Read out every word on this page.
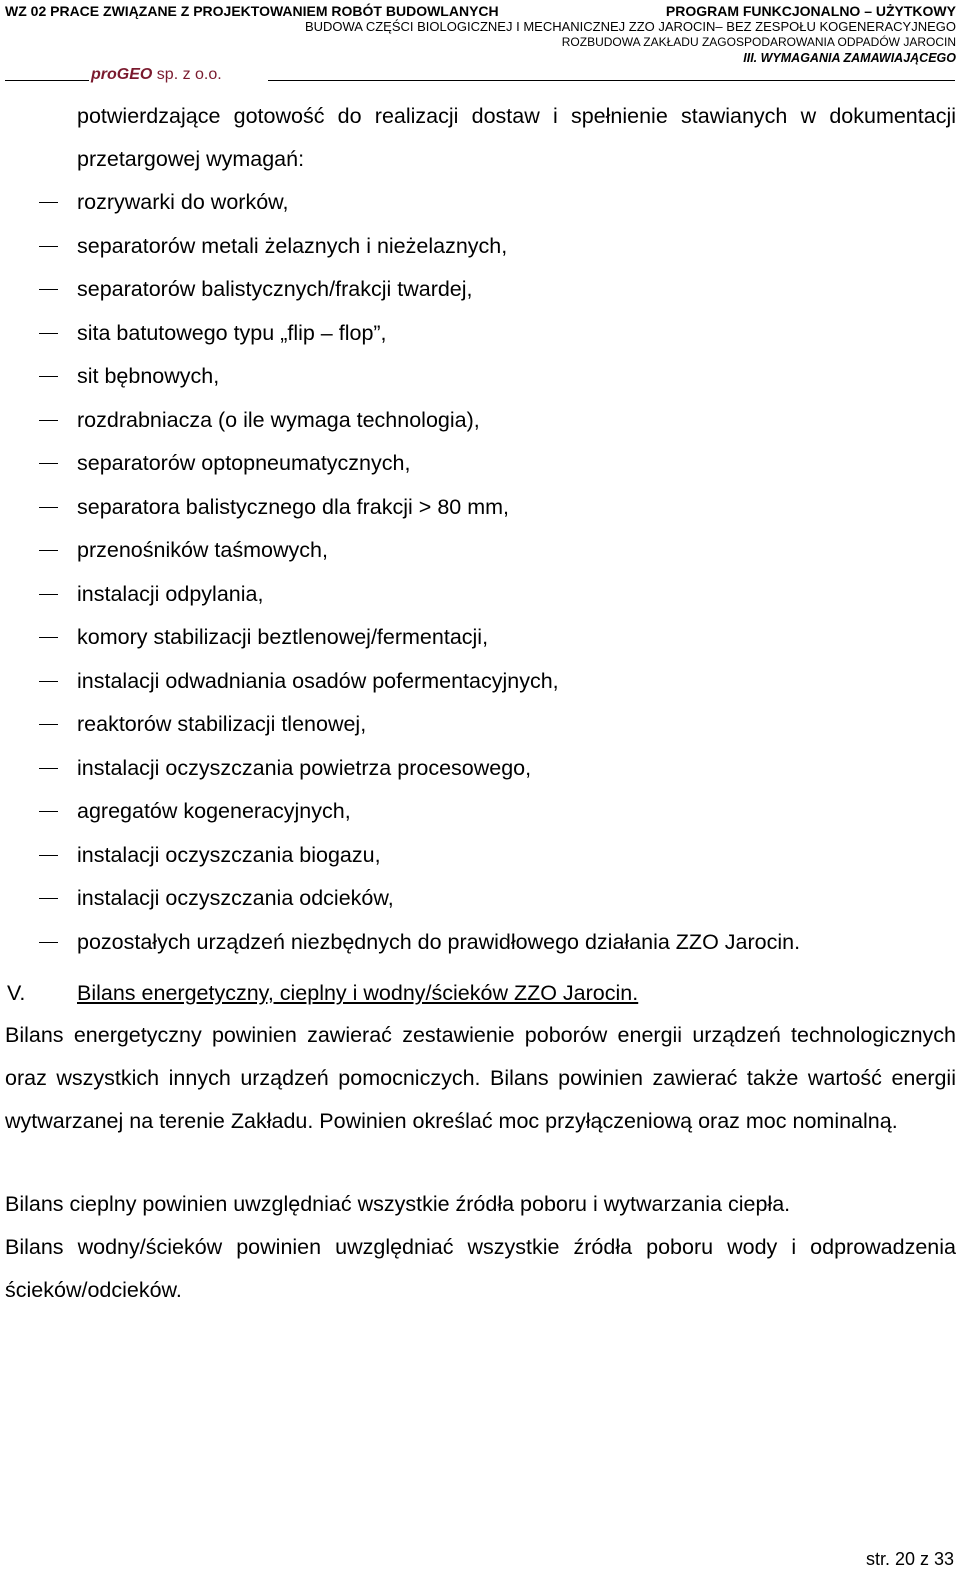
WZ 02 PRACE ZWIĄZANE Z PROJEKTOWANIEM ROBÓT BUDOWLANYCH	PROGRAM FUNKCJONALNO – UŻYTKOWY
BUDOWA CZĘŚCI BIOLOGICZNEJ I MECHANICZNEJ ZZO JAROCIN– BEZ ZESPOŁU KOGENERACYJNEGO
ROZBUDOWA ZAKŁADU ZAGOSPODAROWANIA ODPADÓW JAROCIN
III. WYMAGANIA ZAMAWIAJĄCEGO
proGEO sp. z o.o.
potwierdzające gotowość do realizacji dostaw i spełnienie stawianych w dokumentacji przetargowej wymagań:
rozrywarki do worków,
separatorów metali żelaznych i nieżelaznych,
separatorów balistycznych/frakcji twardej,
sita batutowego typu „flip – flop”,
sit bębnowych,
rozdrabniacza (o ile wymaga technologia),
separatorów optopneumatycznych,
separatora balistycznego dla frakcji > 80 mm,
przenośników taśmowych,
instalacji odpylania,
komory stabilizacji beztlenowej/fermentacji,
instalacji odwadniania osadów pofermentacyjnych,
reaktorów stabilizacji tlenowej,
instalacji oczyszczania powietrza procesowego,
agregatów kogeneracyjnych,
instalacji oczyszczania biogazu,
instalacji oczyszczania odcieków,
pozostałych urządzeń niezbędnych do prawidłowego działania ZZO Jarocin.
V. Bilans energetyczny, cieplny i wodny/ścieków ZZO Jarocin.

Bilans energetyczny powinien zawierać zestawienie poborów energii urządzeń technologicznych oraz wszystkich innych urządzeń pomocniczych. Bilans powinien zawierać także wartość energii wytwarzanej na terenie Zakładu. Powinien określać moc przyłączeniową oraz moc nominalną.

Bilans cieplny powinien uwzględniać wszystkie źródła poboru i wytwarzania ciepła.

Bilans wodny/ścieków powinien uwzględniać wszystkie źródła poboru wody i odprowadzenia ścieków/odcieków.

str. 20 z 33
